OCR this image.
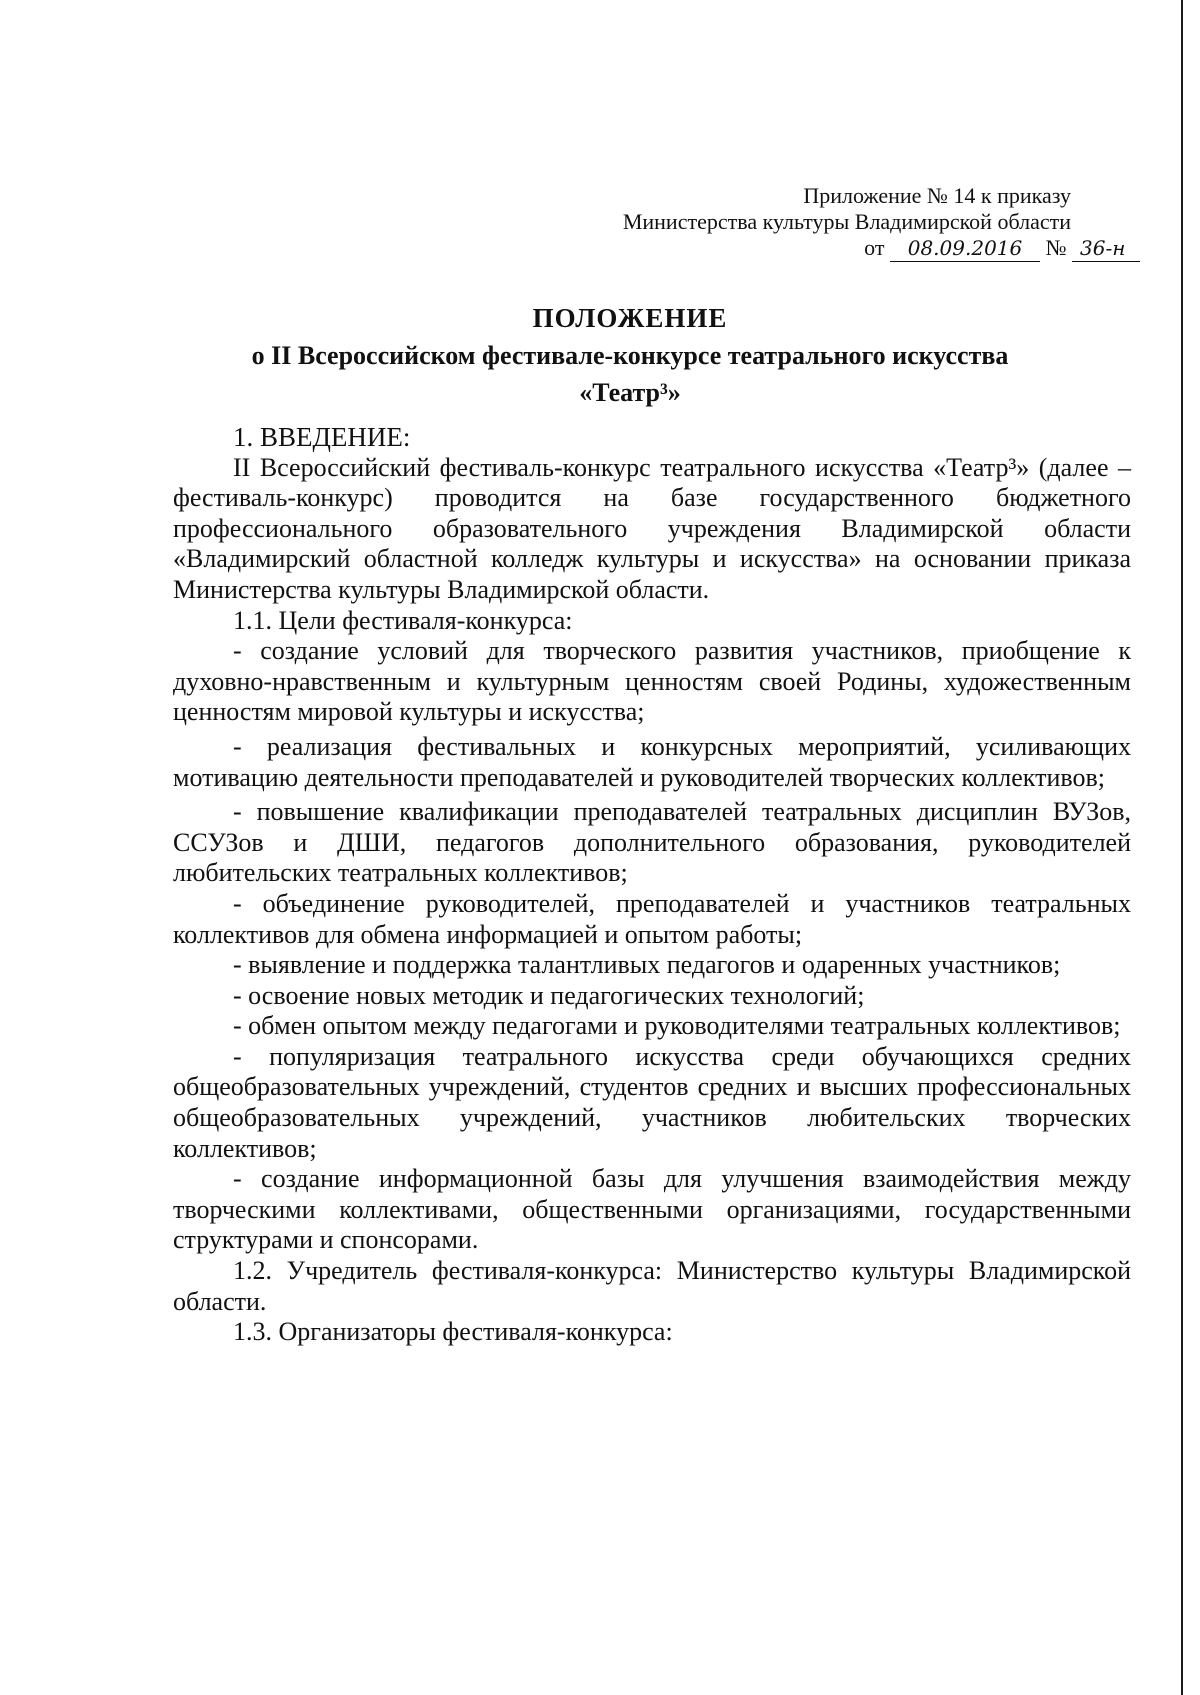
Приложение № 14 к приказу
Министерства культуры Владимирской области
от 08.09.2016 № 36-н
ПОЛОЖЕНИЕ
о II Всероссийском фестивале-конкурсе театрального искусства
«Театр³»

1. ВВЕДЕНИЕ:

II Всероссийский фестиваль-конкурс театрального искусства «Театр³» (далее – фестиваль-конкурс) проводится на базе государственного бюджетного профессионального образовательного учреждения Владимирской области «Владимирский областной колледж культуры и искусства» на основании приказа Министерства культуры Владимирской области.

1.1. Цели фестиваля-конкурса:

- создание условий для творческого развития участников, приобщение к духовно-нравственным и культурным ценностям своей Родины, художественным ценностям мировой культуры и искусства;

- реализация фестивальных и конкурсных мероприятий, усиливающих мотивацию деятельности преподавателей и руководителей творческих коллективов;

- повышение квалификации преподавателей театральных дисциплин ВУЗов, ССУЗов и ДШИ, педагогов дополнительного образования, руководителей любительских театральных коллективов;

- объединение руководителей, преподавателей и участников театральных коллективов для обмена информацией и опытом работы;

- выявление и поддержка талантливых педагогов и одаренных участников;

- освоение новых методик и педагогических технологий;

- обмен опытом между педагогами и руководителями театральных коллективов;

- популяризация театрального искусства среди обучающихся средних общеобразовательных учреждений, студентов средних и высших профессиональных общеобразовательных учреждений, участников любительских творческих коллективов;

- создание информационной базы для улучшения взаимодействия между творческими коллективами, общественными организациями, государственными структурами и спонсорами.

1.2. Учредитель фестиваля-конкурса: Министерство культуры Владимирской области.

1.3. Организаторы фестиваля-конкурса:
